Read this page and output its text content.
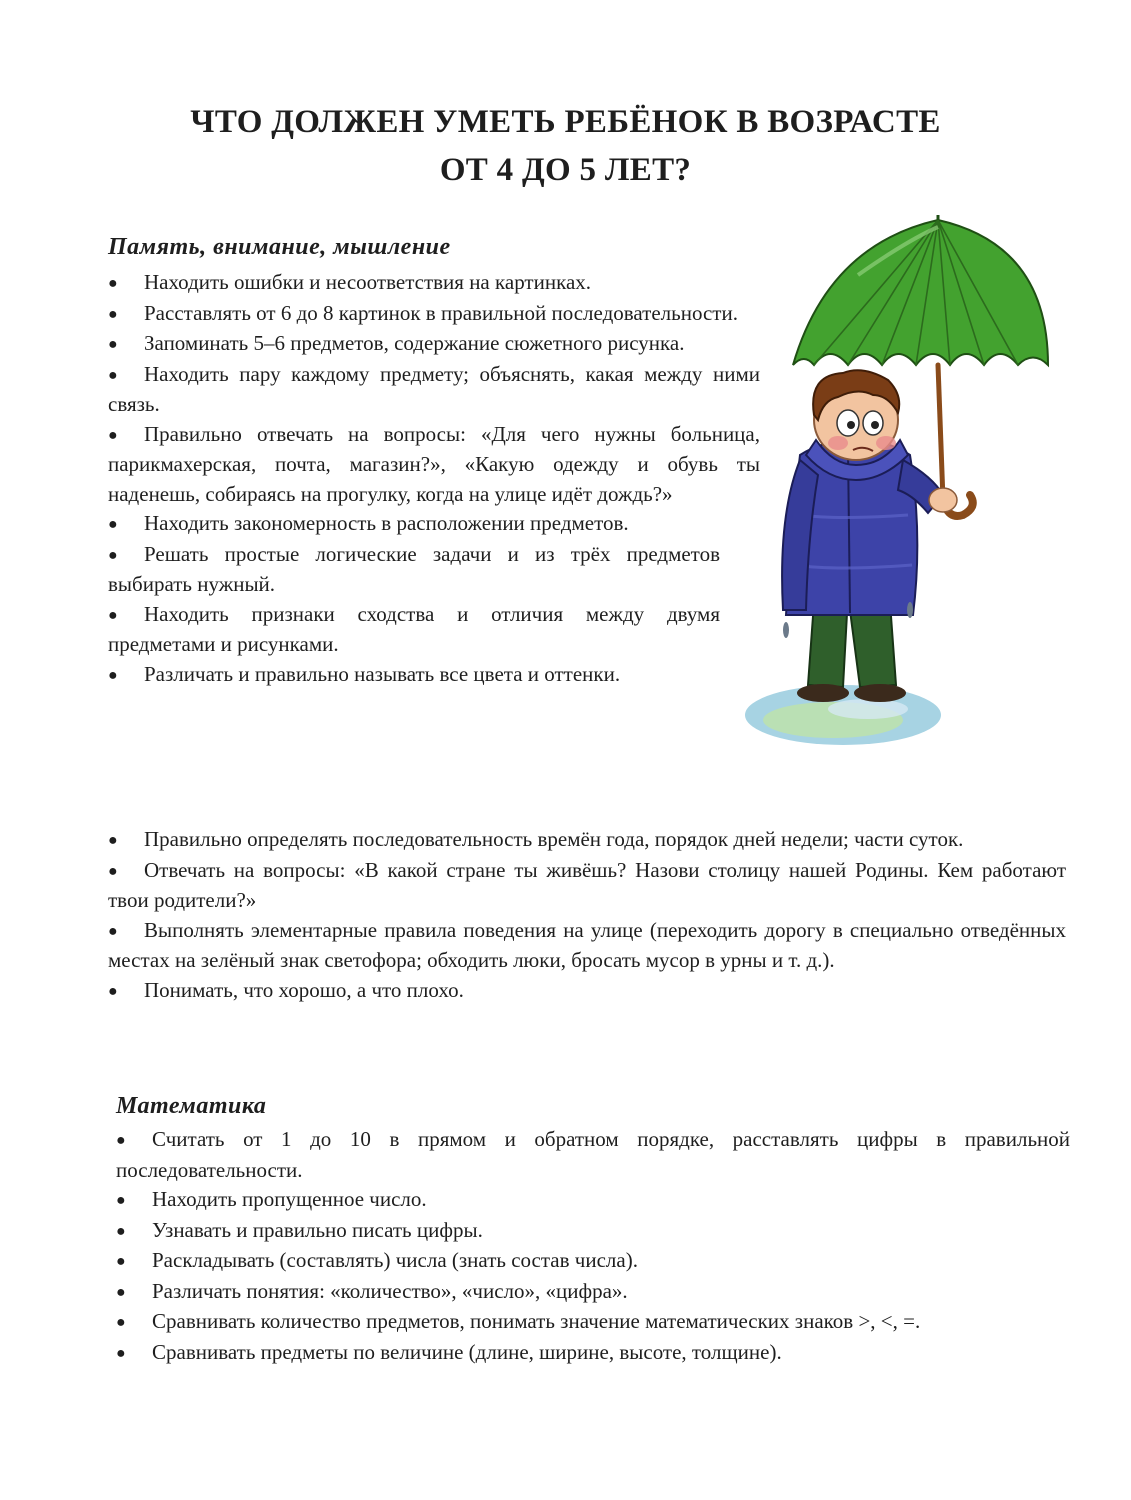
ЧТО ДОЛЖЕН УМЕТЬ РЕБЁНОК В ВОЗРАСТЕ
ОТ 4 ДО 5 ЛЕТ?
Память, внимание, мышление
● Находить ошибки и несоответствия на картинках.
● Расставлять от 6 до 8 картинок в правильной последовательности.
● Запоминать 5–6 предметов, содержание сюжетного рисунка.
● Находить пару каждому предмету; объяснять, какая между ними связь.
● Правильно отвечать на вопросы: «Для чего нужны больница, парикмахерская, почта, магазин?», «Какую одежду и обувь ты наденешь, собираясь на прогулку, когда на улице идёт дождь?»
● Находить закономерность в расположении предметов.
● Решать простые логические задачи и из трёх предметов выбирать нужный.
● Находить признаки сходства и отличия между двумя предметами и рисунками.
● Различать и правильно называть все цвета и оттенки.
● Правильно определять последовательность времён года, порядок дней недели; части суток.
● Отвечать на вопросы: «В какой стране ты живёшь? Назови столицу нашей Родины. Кем работают твои родители?»
● Выполнять элементарные правила поведения на улице (переходить дорогу в специально отведённых местах на зелёный знак светофора; обходить люки, бросать мусор в урны и т. д.).
● Понимать, что хорошо, а что плохо.
Математика
● Считать от 1 до 10 в прямом и обратном порядке, расставлять цифры в правильной последовательности.
● Находить пропущенное число.
● Узнавать и правильно писать цифры.
● Раскладывать (составлять) числа (знать состав числа).
● Различать понятия: «количество», «число», «цифра».
● Сравнивать количество предметов, понимать значение математических знаков >, <, =.
● Сравнивать предметы по величине (длине, ширине, высоте, толщине).
